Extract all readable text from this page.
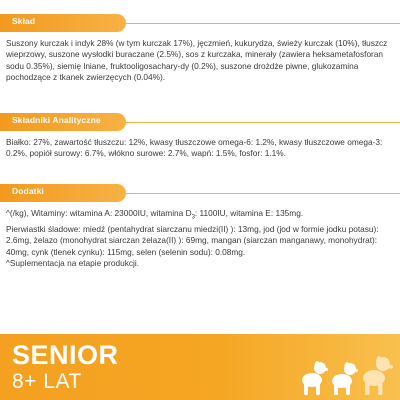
Skład

Suszony kurczak i indyk 28% (w tym kurczak 17%), jęczmień, kukurydza, świeży kurczak (10%), tłuszcz wieprzowy, suszone wysłodki buraczane (2.5%), sos z kurczaka, minerały (zawiera heksametafosforan sodu 0.35%), siemię lniane, fruktooligosachary-dy (0.2%), suszone drożdże piwne, glukozamina pochodzące z tkanek zwierzęcych (0.04%).

Składniki Analityczne

Białko: 27%, zawartość tłuszczu: 12%, kwasy tłuszczowe omega-6: 1.2%, kwasy tłuszczowe omega-3: 0.2%, popiół surowy: 6.7%, włókno surowe: 2.7%, wapń: 1.5%, fosfor: 1.1%.

Dodatki

^(/kg), Witaminy: witamina A: 23000IU, witamina $D_3$: 1100IU, witamina E: 135mg.

Pierwiastki śladowe: miedź (pentahydrat siarczanu miedzi(II) ): 13mg, jod (jod w formie jodku potasu): 2.6mg, żelazo (monohydrat siarczan żelaza(II) ): 69mg, mangan (siarczan manganawy, monohydrat): 40mg, cynk (tlenek cynku): 115mg, selen (selenin sodu): 0.08mg.

^Suplementacja na etapie produkcji.

SENIOR
8+ LAT
